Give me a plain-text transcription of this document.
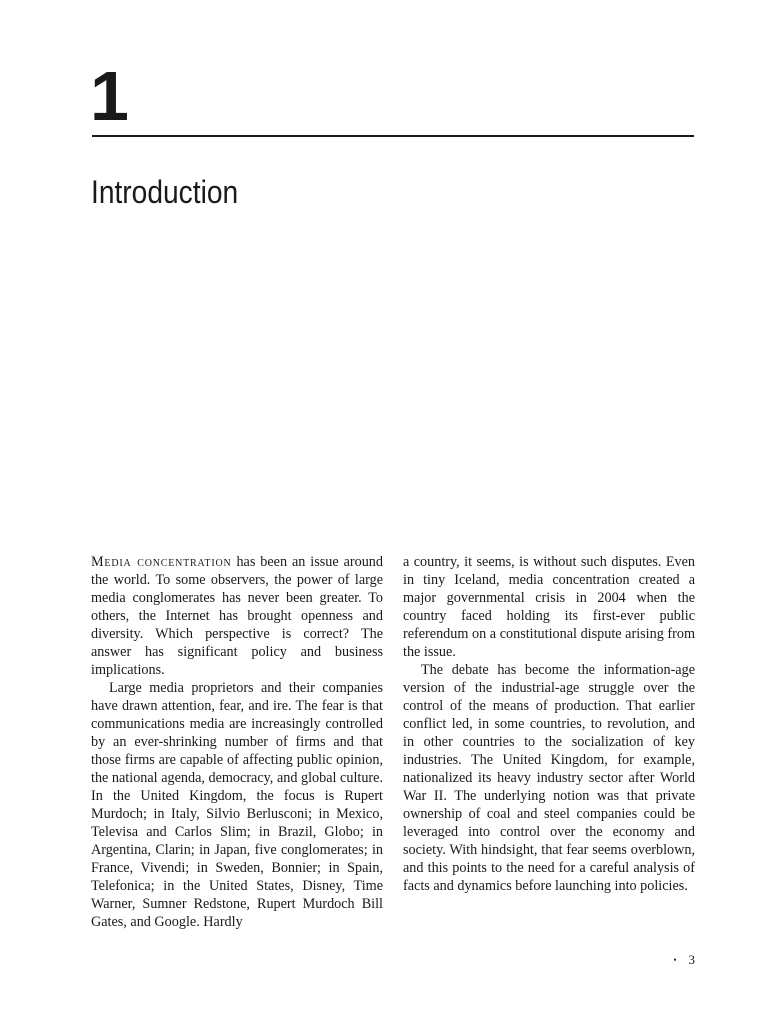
1
Introduction

Media concentration has been an issue around the world. To some observers, the power of large media conglomerates has never been greater. To others, the Internet has brought openness and diversity. Which perspective is correct? The answer has significant policy and business implications.

Large media proprietors and their companies have drawn attention, fear, and ire. The fear is that communications media are increasingly controlled by an ever-shrinking number of firms and that those firms are capable of affecting public opinion, the national agenda, democracy, and global culture. In the United Kingdom, the focus is Rupert Murdoch; in Italy, Silvio Berlusconi; in Mexico, Televisa and Carlos Slim; in Brazil, Globo; in Argentina, Clarin; in Japan, five conglomerates; in France, Vivendi; in Sweden, Bonnier; in Spain, Telefonica; in the United States, Disney, Time Warner, Sumner Redstone, Rupert Murdoch Bill Gates, and Google. Hardly

a country, it seems, is without such disputes. Even in tiny Iceland, media concentration created a major governmental crisis in 2004 when the country faced holding its first-ever public referendum on a constitutional dispute arising from the issue.

The debate has become the information-age version of the industrial-age struggle over the control of the means of production. That earlier conflict led, in some countries, to revolution, and in other countries to the socialization of key industries. The United Kingdom, for example, nationalized its heavy industry sector after World War II. The underlying notion was that private ownership of coal and steel companies could be leveraged into control over the economy and society. With hindsight, that fear seems overblown, and this points to the need for a careful analysis of facts and dynamics before launching into policies.

• 3
